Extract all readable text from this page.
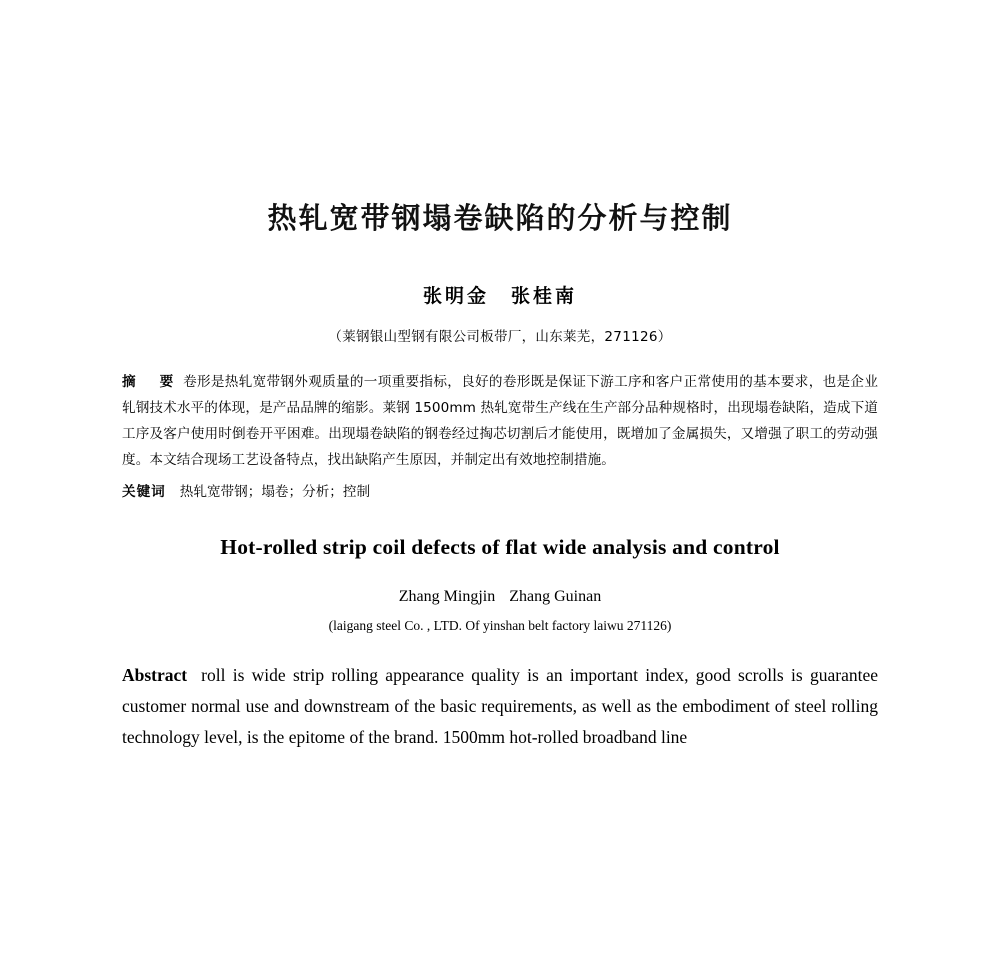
热轧宽带钢塌卷缺陷的分析与控制
张明金 张桂南
（莱钢银山型钢有限公司板带厂，山东莱芜，271126）
摘　要 卷形是热轧宽带钢外观质量的一项重要指标，良好的卷形既是保证下游工序和客户正常使用的基本要求，也是企业轧钢技术水平的体现，是产品品牌的缩影。莱钢 1500mm 热轧宽带生产线在生产部分品种规格时，出现塌卷缺陷，造成下道工序及客户使用时倒卷开平困难。出现塌卷缺陷的钢卷经过掏芯切割后才能使用，既增加了金属损失，又增强了职工的劳动强度。本文结合现场工艺设备特点，找出缺陷产生原因，并制定出有效地控制措施。
关键词 热轧宽带钢；塌卷；分析；控制
Hot-rolled strip coil defects of flat wide analysis and control
Zhang Mingjin Zhang Guinan
(laigang steel Co. , LTD. Of yinshan belt factory laiwu 271126)
Abstract roll is wide strip rolling appearance quality is an important index, good scrolls is guarantee customer normal use and downstream of the basic requirements, as well as the embodiment of steel rolling technology level, is the epitome of the brand. 1500mm hot-rolled broadband line
